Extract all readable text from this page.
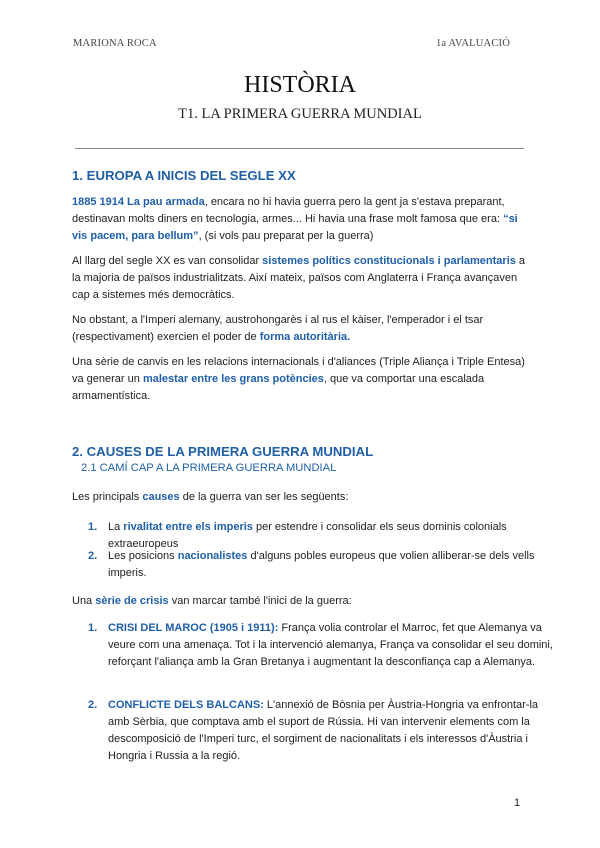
MARIONA ROCA	1a AVALUACIÓ
HISTÒRIA
T1. LA PRIMERA GUERRA MUNDIAL
1. EUROPA A INICIS DEL SEGLE XX
1885 1914 La pau armada, encara no hi havia guerra pero la gent ja s'estava preparant, destinavan molts diners en tecnologia, armes... Hi havia una frase molt famosa que era: “si vis pacem, para bellum”, (si vols pau preparat per la guerra)
Al llarg del segle XX es van consolidar sistemes polítics constitucionals i parlamentaris a la majoria de països industrialitzats. Així mateix, països com Anglaterra i França avançaven cap a sistemes més democràtics.
No obstant, a l'Imperi alemany, austrohongarès i al rus el kàiser, l'emperador i el tsar (respectivament) exercien el poder de forma autoritària.
Una sèrie de canvis en les relacions internacionals i d'aliances (Triple Aliança i Triple Entesa) va generar un malestar entre les grans potències, que va comportar una escalada armamentística.
2. CAUSES DE LA PRIMERA GUERRA MUNDIAL
2.1 CAMÍ CAP A LA PRIMERA GUERRA MUNDIAL
Les principals causes de la guerra van ser les següents:
1. La rivalitat entre els imperis per estendre i consolidar els seus dominis colonials extraeuropeus
2. Les posicions nacionalistes d'alguns pobles europeus que volien alliberar-se dels vells imperis.
Una sèrie de crisis van marcar també l'inici de la guerra:
1. CRISI DEL MAROC (1905 i 1911): França volia controlar el Marroc, fet que Alemanya va veure com una amenaça. Tot i la intervenció alemanya, França va consolidar el seu domini, reforçant l'aliança amb la Gran Bretanya i augmentant la desconfiança cap a Alemanya.
2. CONFLICTE DELS BALCANS: L'annexió de Bòsnia per Àustria-Hongria va enfrontar-la amb Sèrbia, que comptava amb el suport de Rússia. Hi van intervenir elements com la descomposició de l'Imperi turc, el sorgiment de nacionalitats i els interessos d'Àustria i Hongria i Russia a la regió.
1
